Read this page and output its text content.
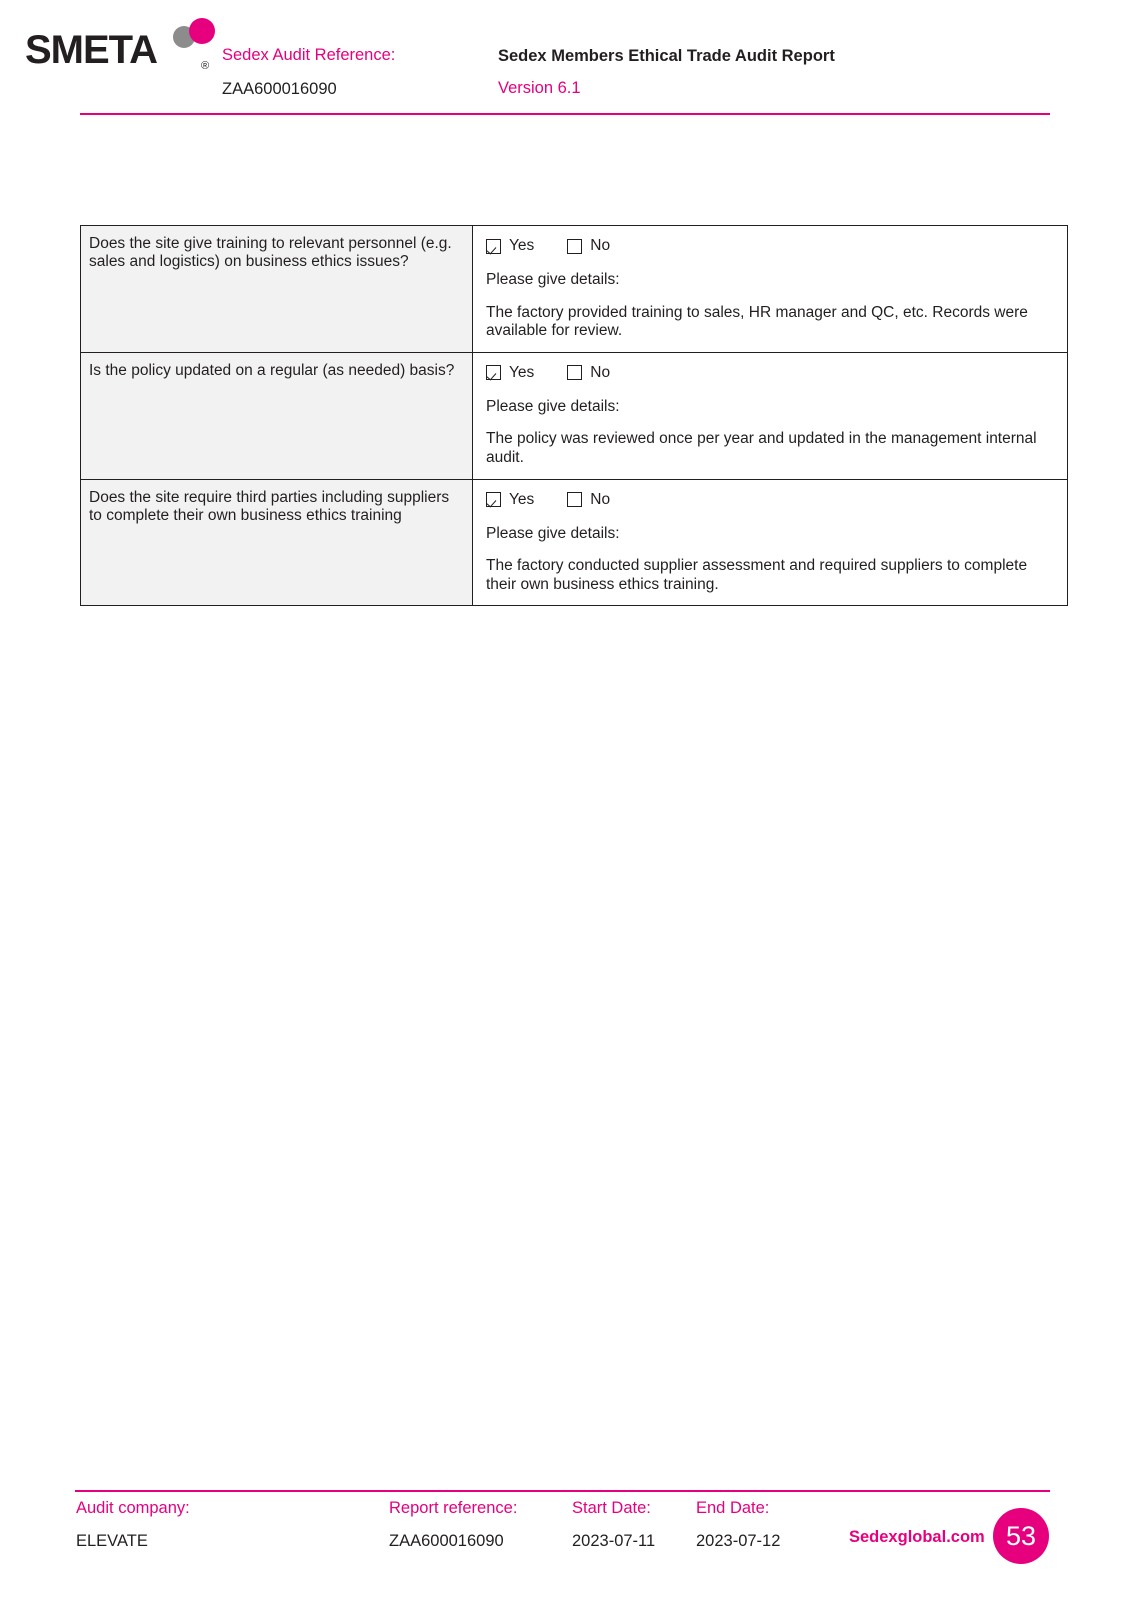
SMETA	®
Sedex Audit Reference:
ZAA600016090
Sedex Members Ethical Trade Audit Report
Version 6.1
Does the site give training to relevant personnel (e.g. sales and logistics) on business ethics issues?	Yes No
Please give details:
The factory provided training to sales, HR manager and QC, etc. Records were available for review.

Is the policy updated on a regular (as needed) basis?	Yes No
Please give details:
The policy was reviewed once per year and updated in the management internal audit.

Does the site require third parties including suppliers to complete their own business ethics training	Yes No
Please give details:
The factory conducted supplier assessment and required suppliers to complete their own business ethics training.
Audit company:
ELEVATE
Report reference:
ZAA600016090
Start Date:
2023-07-11
End Date:
2023-07-12	Sedexglobal.com 53
